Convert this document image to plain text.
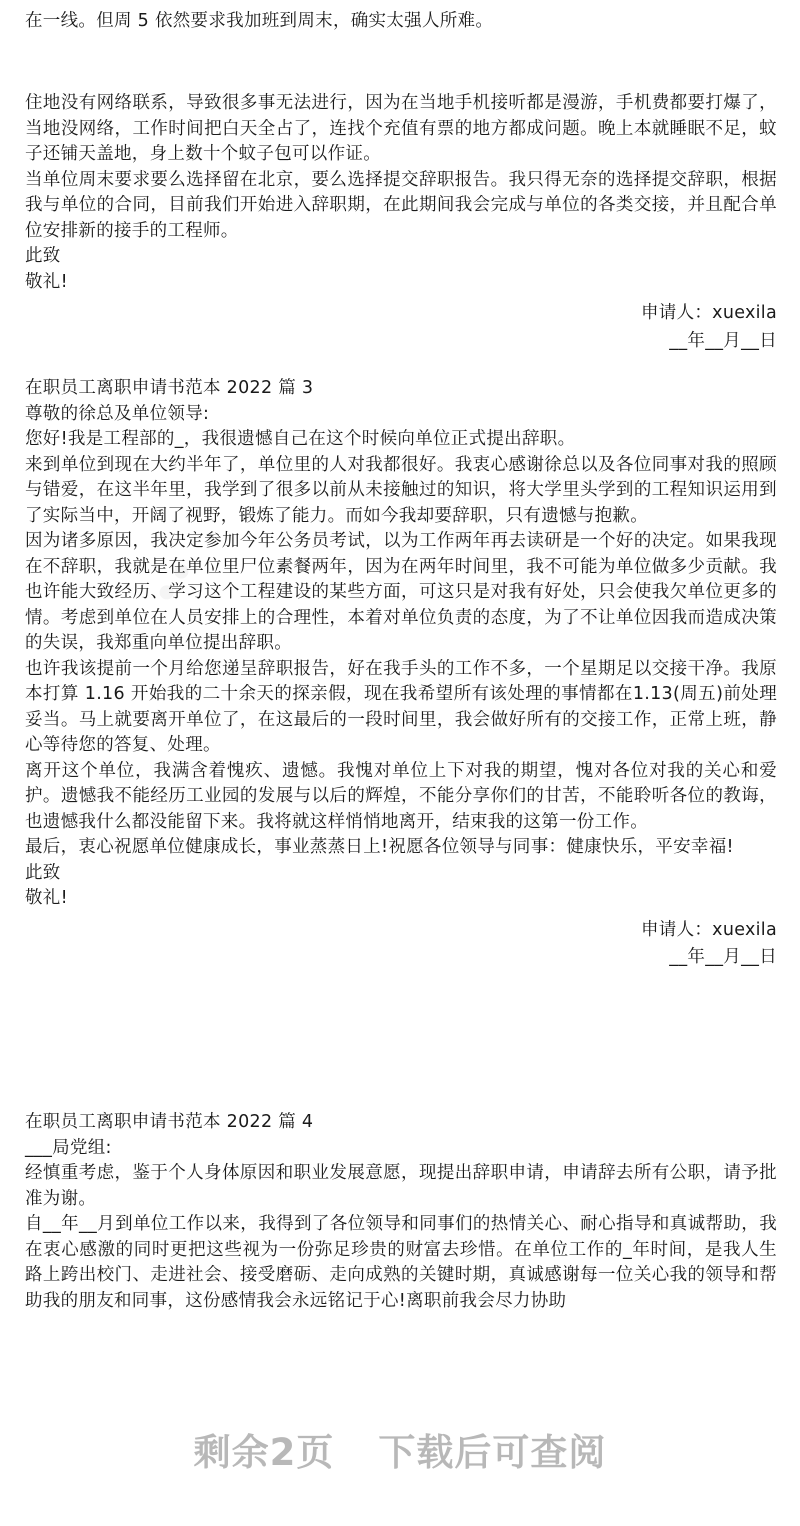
••

在一线。但周 5 依然要求我加班到周末，确实太强人所难。

住地没有网络联系，导致很多事无法进行，因为在当地手机接听都是漫游，手机费都要打爆了，当地没网络，工作时间把白天全占了，连找个充值有票的地方都成问题。晚上本就睡眠不足，蚊子还铺天盖地，身上数十个蚊子包可以作证。

当单位周末要求要么选择留在北京，要么选择提交辞职报告。我只得无奈的选择提交辞职，根据我与单位的合同，目前我们开始进入辞职期，在此期间我会完成与单位的各类交接，并且配合单位安排新的接手的工程师。

此致

敬礼!

申请人：xuexila

__年__月__日

在职员工离职申请书范本 2022 篇 3

尊敬的徐总及单位领导:

您好!我是工程部的_，我很遗憾自己在这个时候向单位正式提出辞职。

来到单位到现在大约半年了，单位里的人对我都很好。我衷心感谢徐总以及各位同事对我的照顾与错爱，在这半年里，我学到了很多以前从未接触过的知识，将大学里头学到的工程知识运用到了实际当中，开阔了视野，锻炼了能力。而如今我却要辞职，只有遗憾与抱歉。

因为诸多原因，我决定参加今年公务员考试，以为工作两年再去读研是一个好的决定。如果我现在不辞职，我就是在单位里尸位素餐两年，因为在两年时间里，我不可能为单位做多少贡献。我也许能大致经历、学习这个工程建设的某些方面，可这只是对我有好处，只会使我欠单位更多的情。考虑到单位在人员安排上的合理性，本着对单位负责的态度，为了不让单位因我而造成决策的失误，我郑重向单位提出辞职。

也许我该提前一个月给您递呈辞职报告，好在我手头的工作不多，一个星期足以交接干净。我原本打算 1.16 开始我的二十余天的探亲假，现在我希望所有该处理的事情都在1.13(周五)前处理妥当。马上就要离开单位了，在这最后的一段时间里，我会做好所有的交接工作，正常上班，静心等待您的答复、处理。

离开这个单位，我满含着愧疚、遗憾。我愧对单位上下对我的期望，愧对各位对我的关心和爱护。遗憾我不能经历工业园的发展与以后的辉煌，不能分享你们的甘苦，不能聆听各位的教诲，也遗憾我什么都没能留下来。我将就这样悄悄地离开，结束我的这第一份工作。

最后，衷心祝愿单位健康成长，事业蒸蒸日上!祝愿各位领导与同事：健康快乐，平安幸福!

此致

敬礼!

申请人：xuexila

__年__月__日

在职员工离职申请书范本 2022 篇 4

___局党组:

经慎重考虑，鉴于个人身体原因和职业发展意愿，现提出辞职申请，申请辞去所有公职，请予批准为谢。

自__年__月到单位工作以来，我得到了各位领导和同事们的热情关心、耐心指导和真诚帮助，我在衷心感激的同时更把这些视为一份弥足珍贵的财富去珍惜。在单位工作的_年时间，是我人生路上跨出校门、走进社会、接受磨砺、走向成熟的关键时期，真诚感谢每一位关心我的领导和帮助我的朋友和同事，这份感情我会永远铭记于心!离职前我会尽力协助

剩余2页 下载后可查阅
